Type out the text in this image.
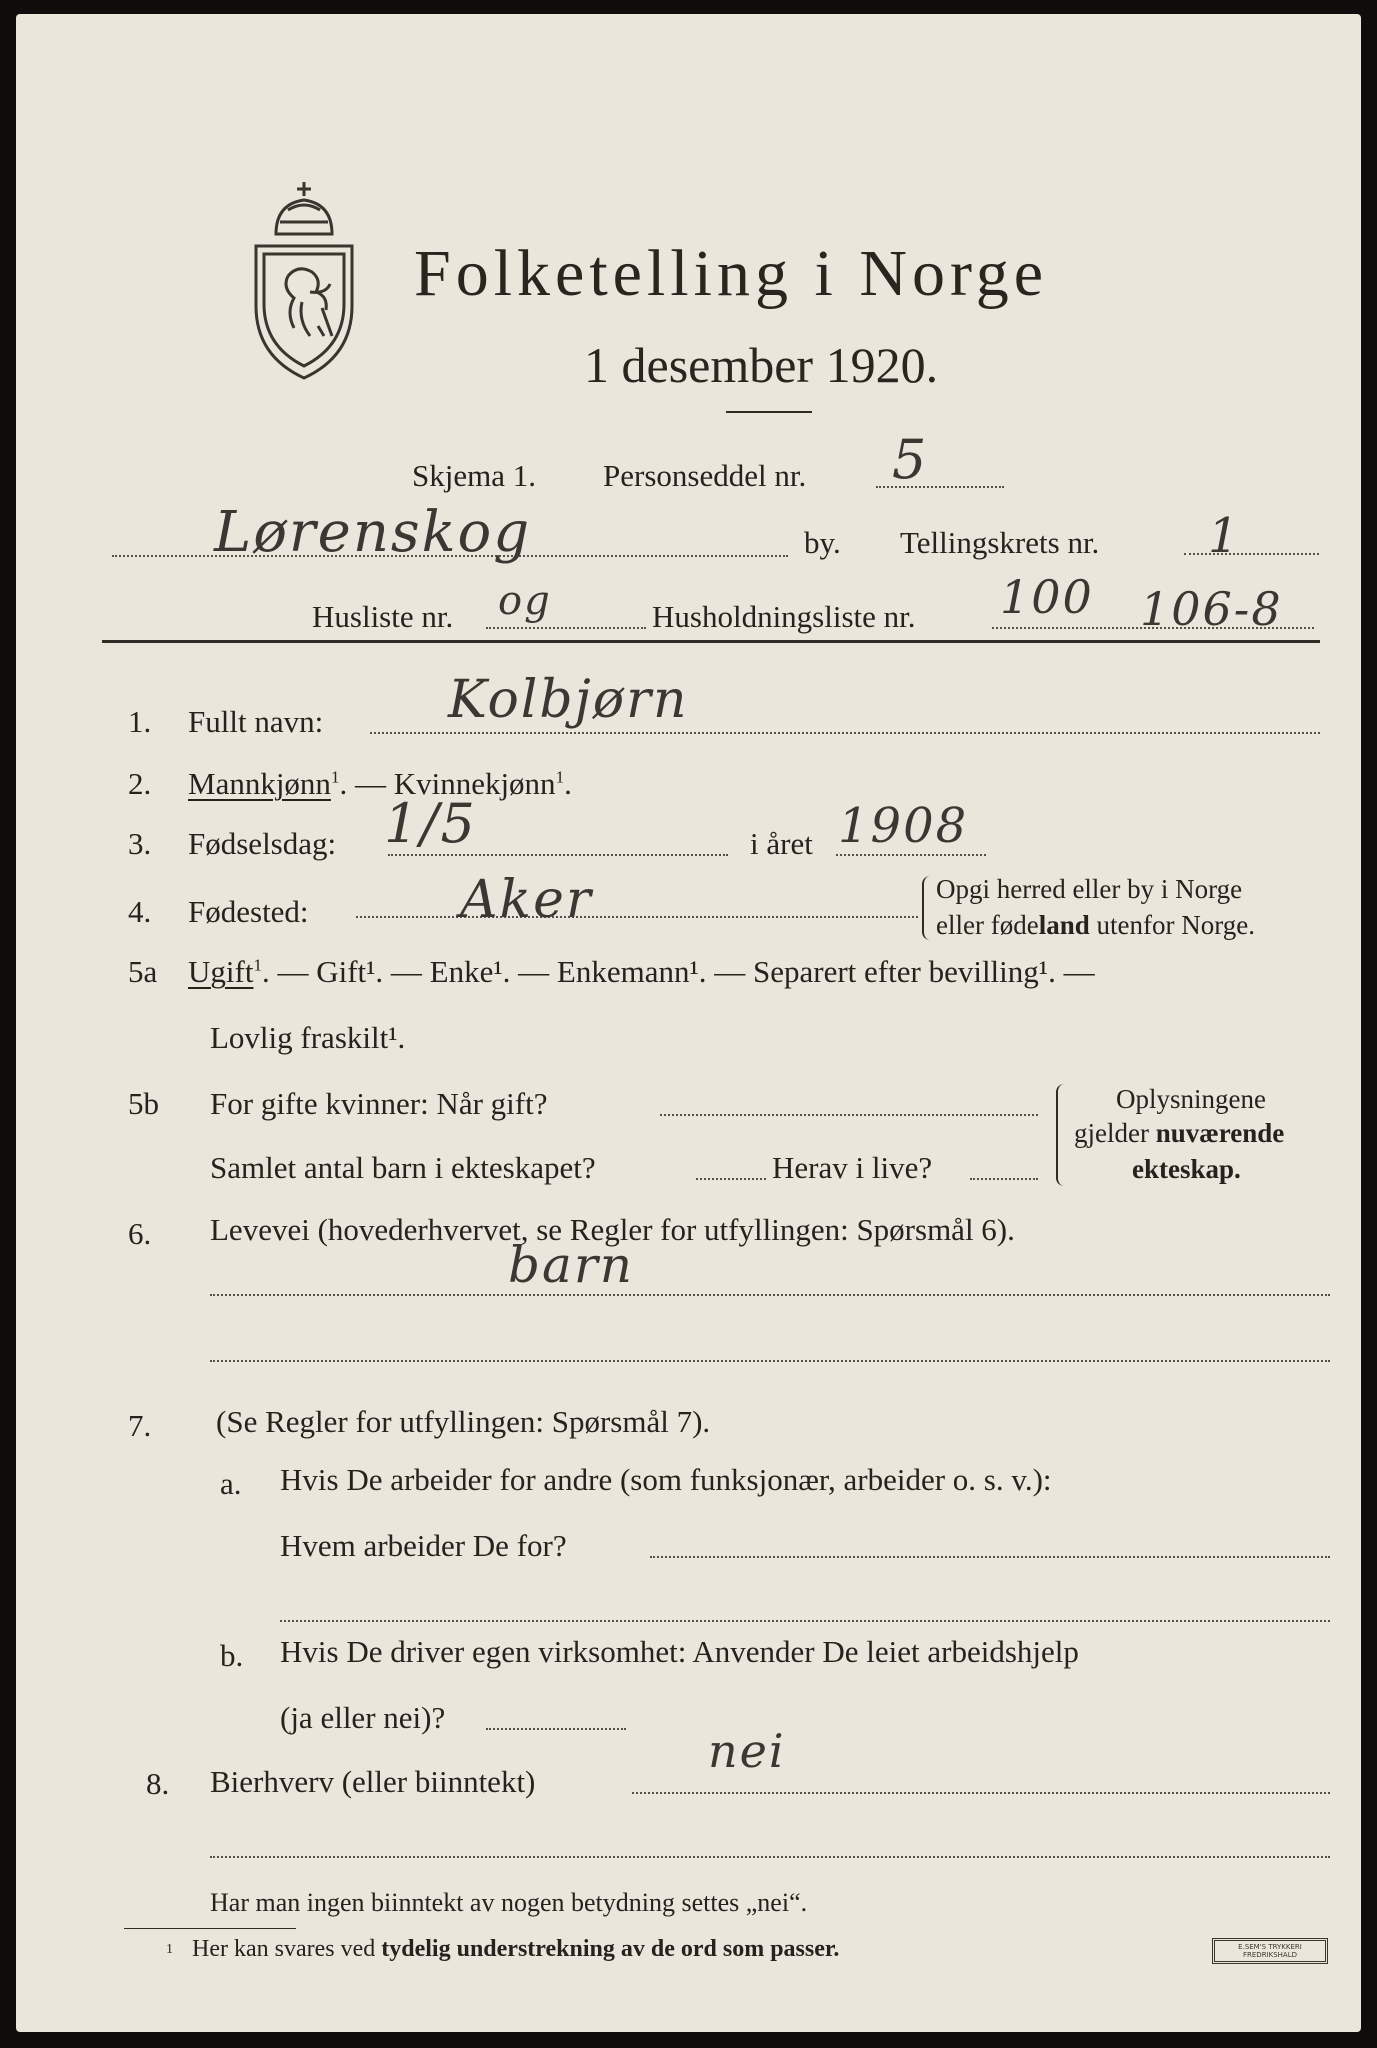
Folketelling i Norge
1 desember 1920.
Skjema 1. Personseddel nr. 5
Lørenskog	by. Tellingskrets nr. 1
Husliste nr. og	Husholdningsliste nr. 100 106-8
1. Fullt navn: Kolbjørn
2. Mannkjønn$^1$. — Kvinnekjønn$^1$.
3. Fødselsdag: 1/5	i året 1908
4. Fødested:	Aker	Opgi herred eller by i Norge
eller fødeland utenfor Norge.
5a Ugift$^1$. — Gift¹. — Enke¹. — Enkemann¹. — Separert efter bevilling¹. —
Lovlig fraskilt¹.
5b For gifte kvinner: Når gift?
Samlet antal barn i ekteskapet?	Herav i live?
Oplysningene
gjelder nuværende
ekteskap.
6. Levevei (hovederhvervet, se Regler for utfyllingen: Spørsmål 6).
barn
7. (Se Regler for utfyllingen: Spørsmål 7).
a. Hvis De arbeider for andre (som funksjonær, arbeider o. s. v.):
Hvem arbeider De for?
b. Hvis De driver egen virksomhet: Anvender De leiet arbeidshjelp
(ja eller nei)?
8. Bierhverv (eller biinntekt)
nei
Har man ingen biinntekt av nogen betydning settes „nei“.
1 Her kan svares ved tydelig understrekning av de ord som passer.	E.SEM'S TRYKKERI
FREDRIKSHALD
